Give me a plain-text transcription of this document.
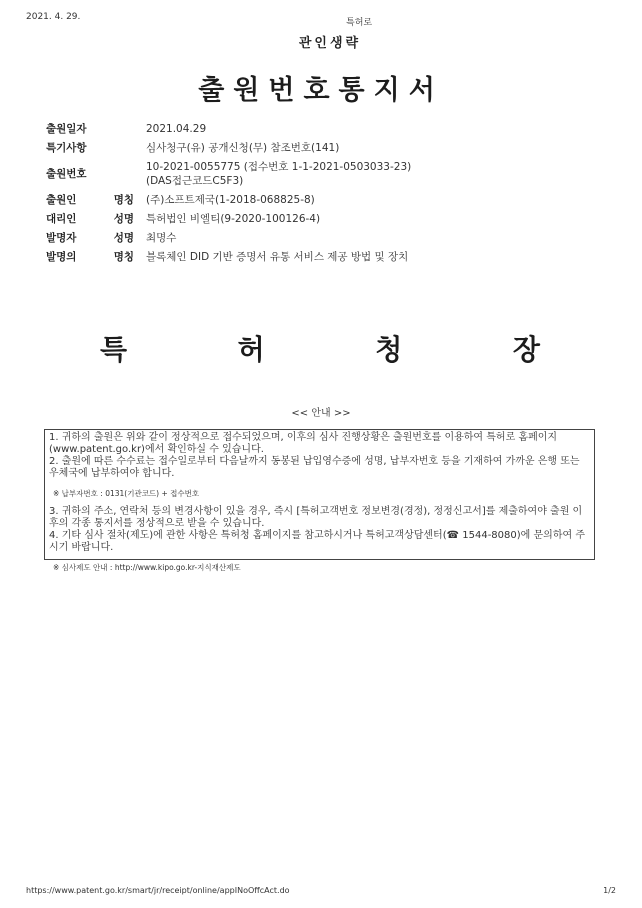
2021. 4. 29.
특허로
관인생략
출원번호통지서
출원일자	2021.04.29
특기사항	심사청구(유) 공개신청(무) 참조번호(141)
출원번호
10-2021-0055775 (접수번호 1-1-2021-0503033-23)
(DAS접근코드C5F3)
출원인 명칭 (주)소프트제국(1-2018-068825-8)
대리인 성명 특허법인 비엘티(9-2020-100126-4)
발명자 성명 최명수
발명의 명칭 블록체인 DID 기반 증명서 유통 서비스 제공 방법 및 장치
특	허	청	장
<< 안내 >>

1. 귀하의 출원은 위와 같이 정상적으로 접수되었으며, 이후의 심사 진행상황은 출원번호를 이용하여 특허로 홈페이지(www.patent.go.kr)에서 확인하실 수 있습니다.

2. 출원에 따른 수수료는 접수일로부터 다음날까지 동봉된 납입영수증에 성명, 납부자번호 등을 기재하여 가까운 은행 또는 우체국에 납부하여야 합니다.

※ 납부자번호 : 0131(기관코드) + 접수번호

3. 귀하의 주소, 연락처 등의 변경사항이 있을 경우, 즉시 [특허고객번호 정보변경(경정), 정정신고서]를 제출하여야 출원 이후의 각종 통지서를 정상적으로 받을 수 있습니다.

4. 기타 심사 절차(제도)에 관한 사항은 특허청 홈페이지를 참고하시거나 특허고객상담센터(☎ 1544-8080)에 문의하여 주시기 바랍니다.

※ 심사제도 안내 : http://www.kipo.go.kr-지식재산제도

https://www.patent.go.kr/smart/jr/receipt/online/appINoOffcAct.do	1/2
